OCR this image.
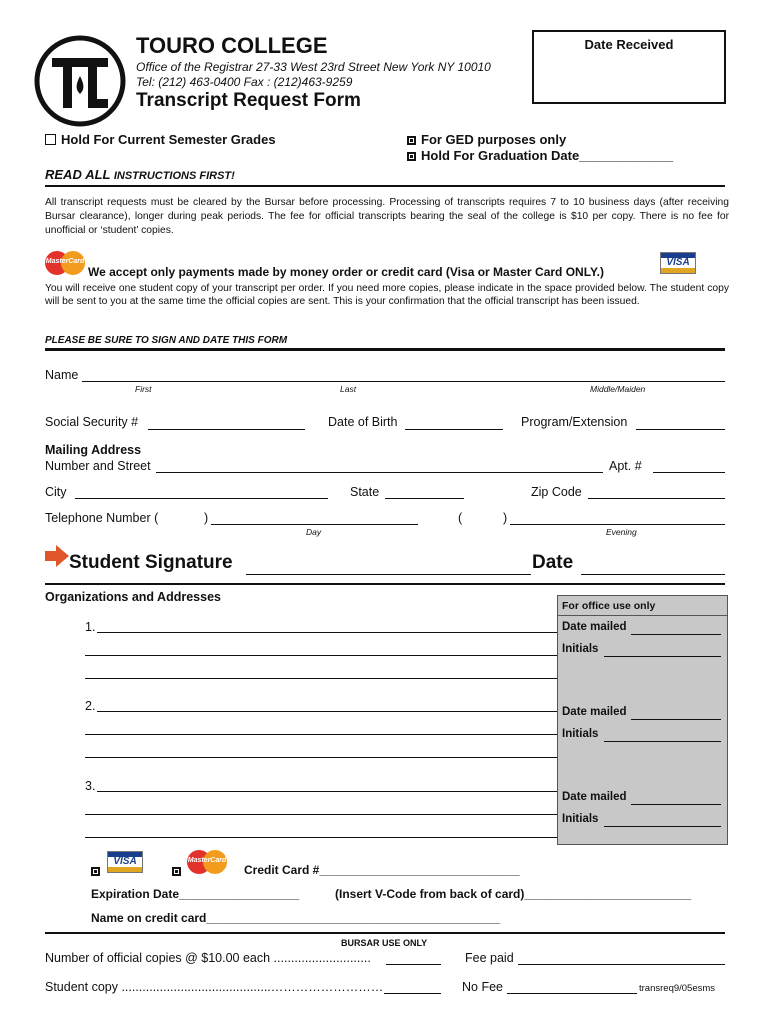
TOURO COLLEGE
Office of the Registrar 27-33 West 23rd Street New York NY 10010
Tel: (212) 463-0400 Fax : (212)463-9259
Transcript Request Form
Date Received
Hold For Current Semester Grades	For GED purposes only
Hold For Graduation Date_____________
READ ALL INSTRUCTIONS FIRST!
All transcript requests must be cleared by the Bursar before processing. Processing of transcripts requires 7 to 10 business days (after receiving Bursar clearance), longer during peak periods. The fee for official transcripts bearing the seal of the college is $10 per copy. There is no fee for unofficial or ‘student’ copies.
MasterCard
We accept only payments made by money order or credit card (Visa or Master Card ONLY.)
VISA
You will receive one student copy of your transcript per order. If you need more copies, please indicate in the space provided below. The student copy will be sent to you at the same time the official copies are sent. This is your confirmation that the official transcript has been issued.
PLEASE BE SURE TO SIGN AND DATE THIS FORM
Name
First	Last	Middle/Maiden
Social Security #	Date of Birth	Program/Extension
Mailing Address
Number and Street	Apt. #
City	State	Zip Code
Telephone Number (	)
Day
(	)
Evening
Student Signature	Date
Organizations and Addresses
1.
2.
3.
For office use only
Date mailed
Initials
Date mailed
Initials
Date mailed
Initials
VISA	MasterCard
Credit Card #______________________________
Expiration Date__________________	(Insert V-Code from back of card)_________________________
Name on credit card____________________________________________
BURSAR USE ONLY
Number of official copies @ $10.00 each ............................	Fee paid
Student copy ...........................................………………………	No Fee	transreq9/05esms
